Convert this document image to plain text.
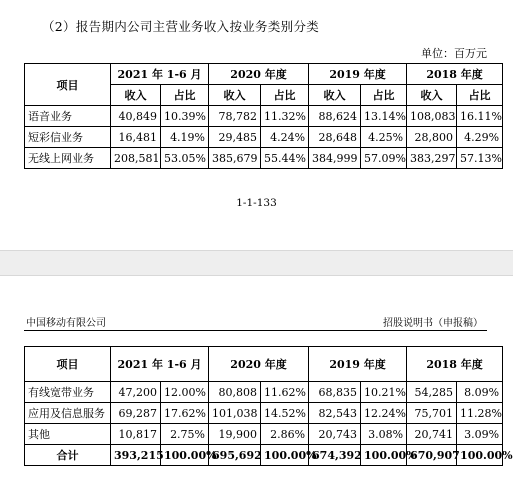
（2）报告期内公司主营业务收入按业务类别分类
单位：百万元
项目	2021 年 1-6 月		2020 年度		2019 年度		2018 年度	
	收入	占比	收入	占比	收入	占比	收入	占比
语音业务	40,849	10.39%	78,782	11.32%	88,624	13.14%	108,083	16.11%
短彩信业务	16,481	4.19%	29,485	4.24%	28,648	4.25%	28,800	4.29%
无线上网业务	208,581	53.05%	385,679	55.44%	384,999	57.09%	383,297	57.13%
1-1-133
中国移动有限公司	招股说明书（申报稿）
项目	2021 年 1-6 月		2020 年度		2019 年度		2018 年度	
有线宽带业务	47,200	12.00%	80,808	11.62%	68,835	10.21%	54,285	8.09%
应用及信息服务	69,287	17.62%	101,038	14.52%	82,543	12.24%	75,701	11.28%
其他	10,817	2.75%	19,900	2.86%	20,743	3.08%	20,741	3.09%
合计	393,215	100.00%	695,692	100.00%	674,392	100.00%	670,907	100.00%
